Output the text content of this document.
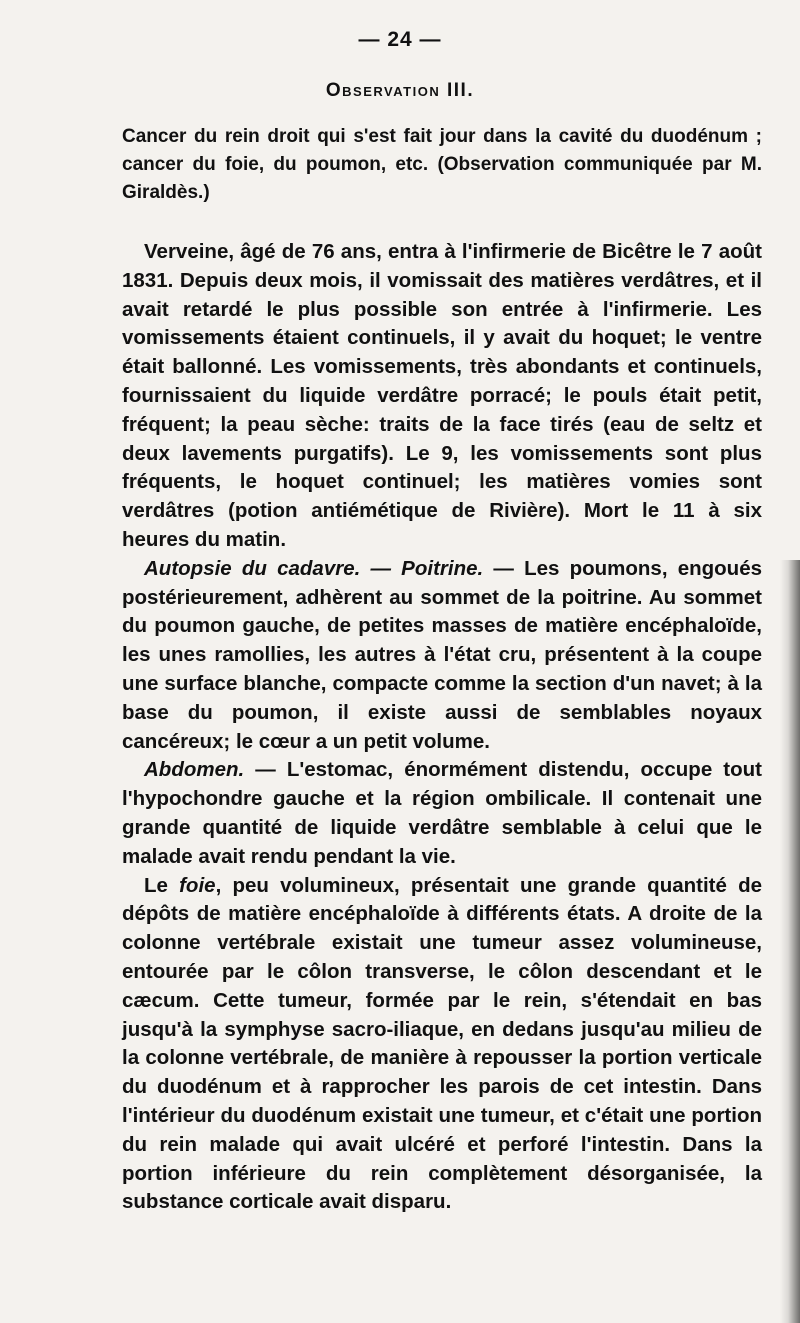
— 24 —
Observation III.
Cancer du rein droit qui s'est fait jour dans la cavité du duodénum ; cancer du foie, du poumon, etc. (Observation communiquée par M. Giraldès.)

Verveine, âgé de 76 ans, entra à l'infirmerie de Bicêtre le 7 août 1831. Depuis deux mois, il vomissait des matières verdâtres, et il avait retardé le plus possible son entrée à l'infirmerie. Les vomissements étaient continuels, il y avait du hoquet; le ventre était ballonné. Les vomissements, très abondants et continuels, fournissaient du liquide verdâtre porracé; le pouls était petit, fréquent; la peau sèche: traits de la face tirés (eau de seltz et deux lavements purgatifs). Le 9, les vomissements sont plus fréquents, le hoquet continuel; les matières vomies sont verdâtres (potion antiémétique de Rivière). Mort le 11 à six heures du matin.

Autopsie du cadavre. — Poitrine. — Les poumons, engoués postérieurement, adhèrent au sommet de la poitrine. Au sommet du poumon gauche, de petites masses de matière encéphaloïde, les unes ramollies, les autres à l'état cru, présentent à la coupe une surface blanche, compacte comme la section d'un navet; à la base du poumon, il existe aussi de semblables noyaux cancéreux; le cœur a un petit volume.

Abdomen. — L'estomac, énormément distendu, occupe tout l'hypochondre gauche et la région ombilicale. Il contenait une grande quantité de liquide verdâtre semblable à celui que le malade avait rendu pendant la vie.

Le foie, peu volumineux, présentait une grande quantité de dépôts de matière encéphaloïde à différents états. A droite de la colonne vertébrale existait une tumeur assez volumineuse, entourée par le côlon transverse, le côlon descendant et le cæcum. Cette tumeur, formée par le rein, s'étendait en bas jusqu'à la symphyse sacro-iliaque, en dedans jusqu'au milieu de la colonne vertébrale, de manière à repousser la portion verticale du duodénum et à rapprocher les parois de cet intestin. Dans l'intérieur du duodénum existait une tumeur, et c'était une portion du rein malade qui avait ulcéré et perforé l'intestin. Dans la portion inférieure du rein complètement désorganisée, la substance corticale avait disparu.
